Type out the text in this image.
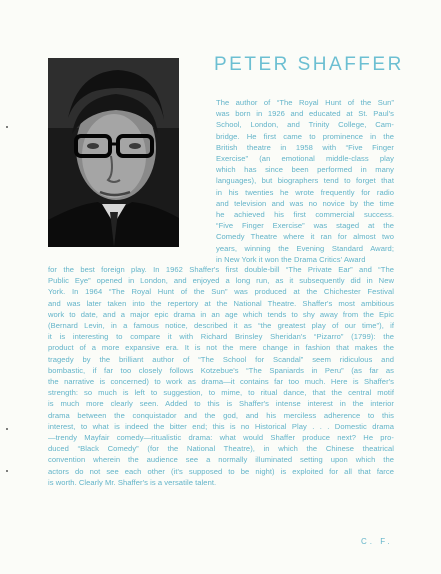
PETER SHAFFER
The author of “The Royal Hunt of the Sun”
was born in 1926 and educated at St. Paul's
School, London, and Trinity College, Cam-
bridge. He first came to prominence in the
British theatre in 1958 with “Five Finger
Exercise” (an emotional middle-class play
which has since been performed in many
languages), but biographers tend to forget that
in his twenties he wrote frequently for radio
and television and was no novice by the time
he achieved his first commercial success.
“Five Finger Exercise” was staged at the
Comedy Theatre where it ran for almost two
years, winning the Evening Standard Award;
in New York it won the Drama Critics' Award
for the best foreign play. In 1962 Shaffer's first double-bill “The Private Ear” and “The
Public Eye” opened in London, and enjoyed a long run, as it subsequently did in New
York. In 1964 “The Royal Hunt of the Sun” was produced at the Chichester Festival
and was later taken into the repertory at the National Theatre. Shaffer's most ambitious
work to date, and a major epic drama in an age which tends to shy away from the Epic
(Bernard Levin, in a famous notice, described it as “the greatest play of our time”), if
it is interesting to compare it with Richard Brinsley Sheridan's “Pizarro” (1799): the
product of a more expansive era. It is not the mere change in fashion that makes the
tragedy by the brilliant author of “The School for Scandal” seem ridiculous and
bombastic, if far too closely follows Kotzebue's “The Spaniards in Peru” (as far as
the narrative is concerned) to work as drama—it contains far too much. Here is Shaffer's
strength: so much is left to suggestion, to mime, to ritual dance, that the central motif
is much more clearly seen. Added to this is Shaffer's intense interest in the interior
drama between the conquistador and the god, and his merciless adherence to this
interest, to what is indeed the bitter end; this is no Historical Play . . . Domestic drama
—trendy Mayfair comedy—ritualistic drama: what would Shaffer produce next? He pro-
duced “Black Comedy” (for the National Theatre), in which the Chinese theatrical
convention wherein the audience see a normally illuminated setting upon which the
actors do not see each other (it's supposed to be night) is exploited for all that farce
is worth. Clearly Mr. Shaffer's is a versatile talent.
C. F.
